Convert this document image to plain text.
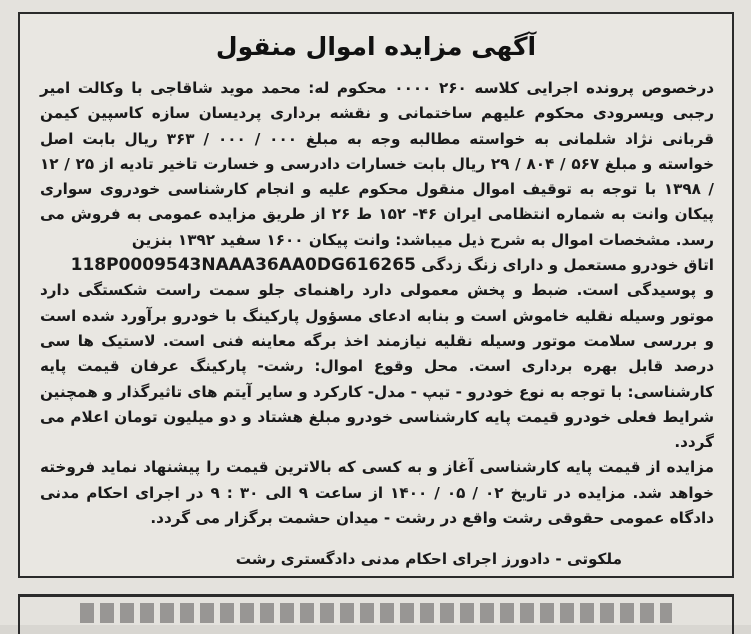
آگهی مزایده اموال منقول

درخصوص پرونده اجرایی کلاسه ۲۶۰ ۰۰۰۰ محکوم له: محمد موید شاقاجی با وکالت امیر رجبی ویسرودی محکوم علیهم ساختمانی و نقشه برداری پردیسان سازه کاسپین کیمن قربانی نژاد شلمانی به خواسته مطالبه وجه به مبلغ ۰۰۰ / ۰۰۰ / ۳۶۳ ریال بابت اصل خواسته و مبلغ ۵۶۷ / ۸۰۴ / ۲۹ ریال بابت خسارات دادرسی و خسارت تاخیر تادیه از ۲۵ / ۱۲ / ۱۳۹۸ با توجه به توقیف اموال منقول محکوم علیه و انجام کارشناسی خودروی سواری پیکان وانت به شماره انتظامی ایران ۴۶- ۱۵۲ ط ۲۶ از طریق مزایده عمومی به فروش می رسد. مشخصات اموال به شرح ذیل میباشد: وانت پیکان ۱۶۰۰ سفید ۱۳۹۲ بنزین

اتاق خودرو مستعمل و دارای زنگ زدگی 118P0009543NAAA36AA0DG616265

و پوسیدگی است. ضبط و پخش معمولی دارد راهنمای جلو سمت راست شکستگی دارد موتور وسیله نقلیه خاموش است و بنابه ادعای مسؤول پارکینگ با خودرو برآورد شده است و بررسی سلامت موتور وسیله نقلیه نیازمند اخذ برگه معاینه فنی است. لاستیک ها سی درصد قابل بهره برداری است. محل وقوع اموال: رشت- پارکینگ عرفان قیمت پایه کارشناسی: با توجه به نوع خودرو - تیپ - مدل- کارکرد و سایر آیتم های تاثیرگذار و همچنین شرایط فعلی خودرو قیمت پایه کارشناسی خودرو مبلغ هشتاد و دو میلیون تومان اعلام می گردد.

مزایده از قیمت پایه کارشناسی آغاز و به کسی که بالاترین قیمت را پیشنهاد نماید فروخته خواهد شد. مزایده در تاریخ ۰۲ / ۰۵ / ۱۴۰۰ از ساعت ۹ الی ۳۰ : ۹ در اجرای احکام مدنی دادگاه عمومی حقوقی رشت واقع در رشت - میدان حشمت برگزار می گردد.

ملکوتی - دادورز اجرای احکام مدنی دادگستری رشت
